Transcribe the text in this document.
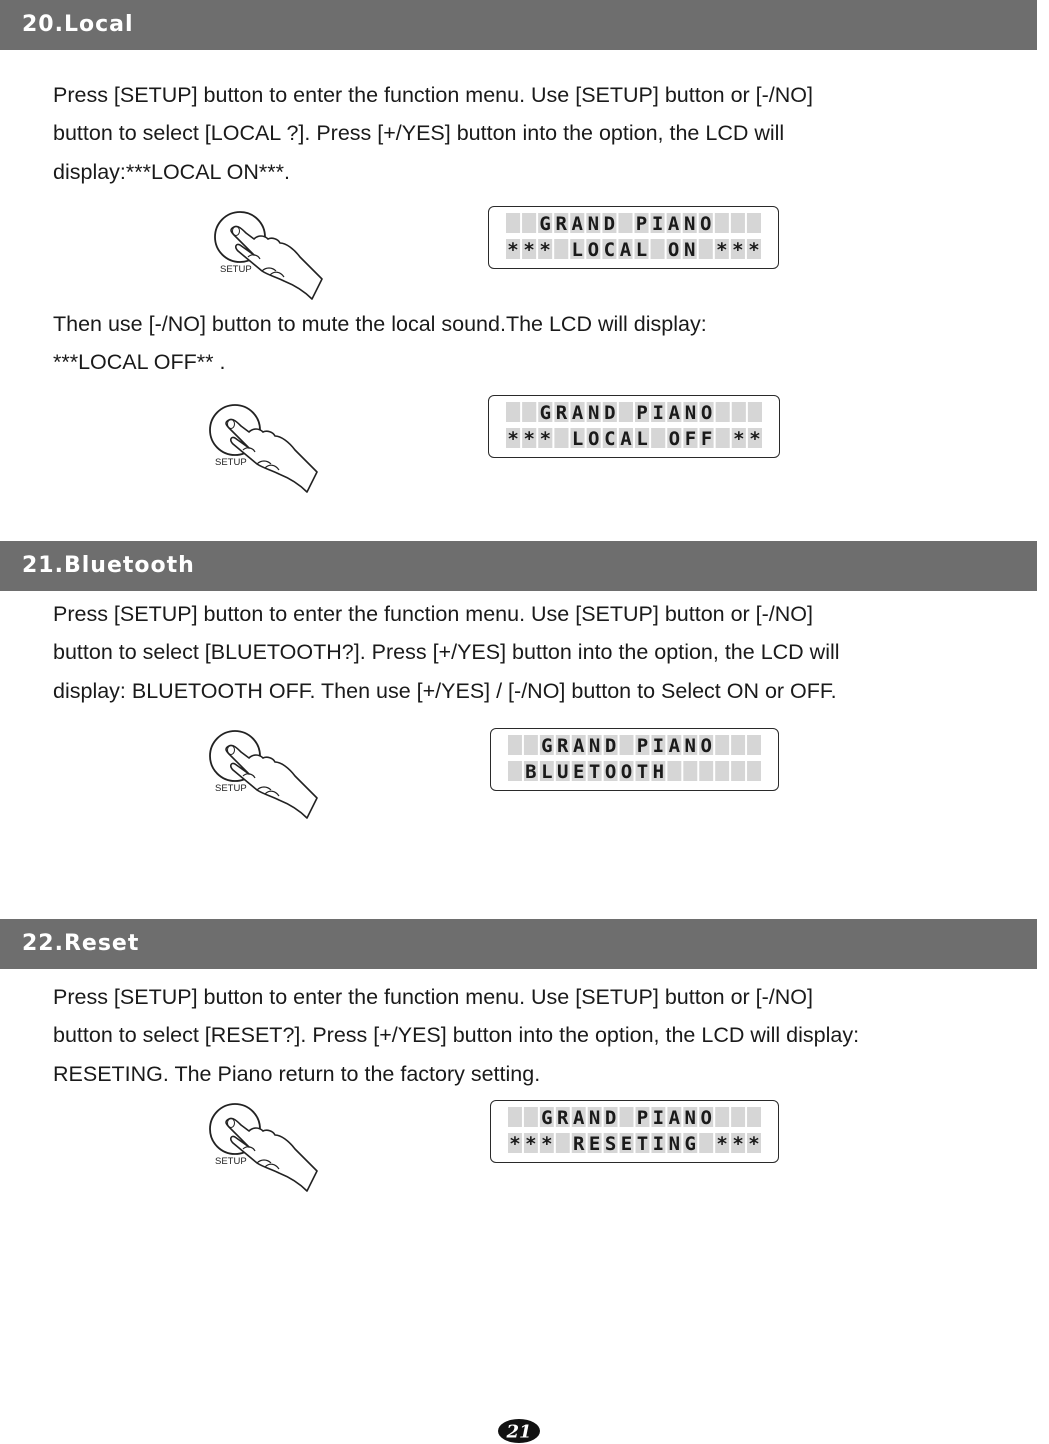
20.Local
Press [SETUP] button to enter the function menu. Use [SETUP] button or [-/NO]
button to select [LOCAL ?]. Press [+/YES] button into the option, the LCD will
display:***LOCAL ON***.
SETUP
G R A N D P I A N O
* * * L O C A L O N * * *
Then use [-/NO] button to mute the local sound.The LCD will display:
***LOCAL OFF** .
SETUP
G R A N D P I A N O
* * * L O C A L O F F * *
21.Bluetooth
Press [SETUP] button to enter the function menu. Use [SETUP] button or [-/NO]
button to select [BLUETOOTH?]. Press [+/YES] button into the option, the LCD will
display: BLUETOOTH OFF. Then use [+/YES] / [-/NO] button to Select ON or OFF.
SETUP
G R A N D P I A N O
B L U E T O O T H
22.Reset
Press [SETUP] button to enter the function menu. Use [SETUP] button or [-/NO]
button to select [RESET?]. Press [+/YES] button into the option, the LCD will display:
RESETING. The Piano return to the factory setting.
SETUP
G R A N D P I A N O
* * * R E S E T I N G * * *
21
